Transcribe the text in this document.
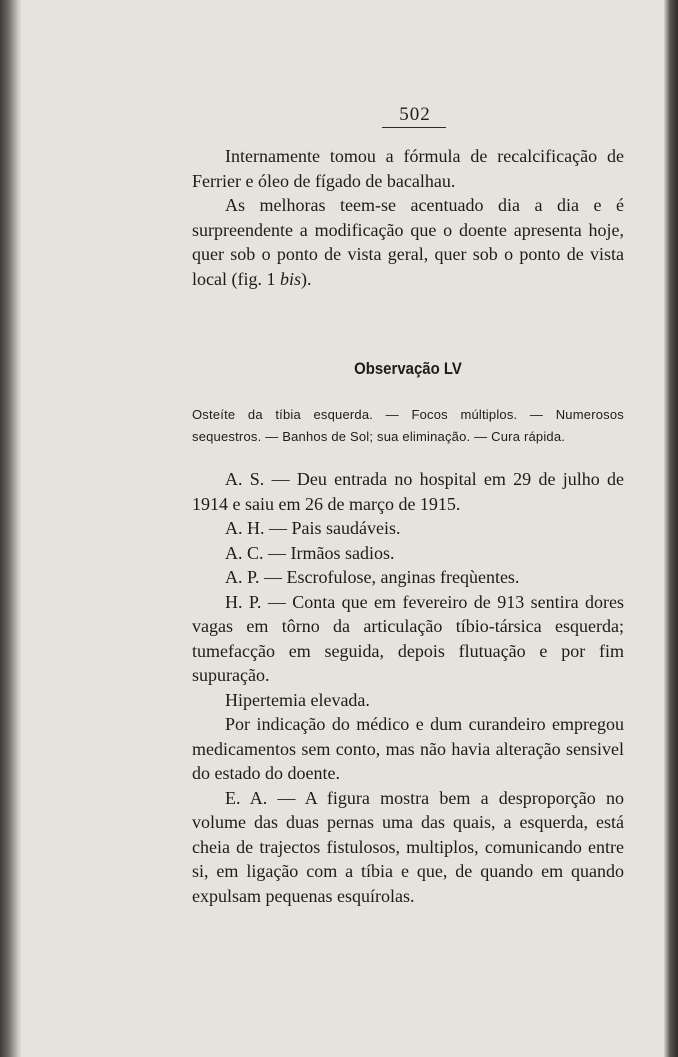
502

Internamente tomou a fórmula de recalcificação de Ferrier e óleo de fígado de bacalhau.

As melhoras teem-se acentuado dia a dia e é surpreendente a modificação que o doente apresenta hoje, quer sob o ponto de vista geral, quer sob o ponto de vista local (fig. 1 bis).

Observação LV

Osteíte da tíbia esquerda. — Focos múltiplos. — Numerosos sequestros. — Banhos de Sol; sua eliminação. — Cura rápida.

A. S. — Deu entrada no hospital em 29 de julho de 1914 e saiu em 26 de março de 1915.

A. H. — Pais saudáveis.

A. C. — Irmãos sadios.

A. P. — Escrofulose, anginas freqùentes.

H. P. — Conta que em fevereiro de 913 sentira dores vagas em tôrno da articulação tíbio-társica esquerda; tumefacção em seguida, depois flutuação e por fim supuração.

Hipertemia elevada.

Por indicação do médico e dum curandeiro empregou medicamentos sem conto, mas não havia alteração sensivel do estado do doente.

E. A. — A figura mostra bem a desproporção no volume das duas pernas uma das quais, a esquerda, está cheia de trajectos fistulosos, multiplos, comunicando entre si, em ligação com a tíbia e que, de quando em quando expulsam pequenas esquírolas.
